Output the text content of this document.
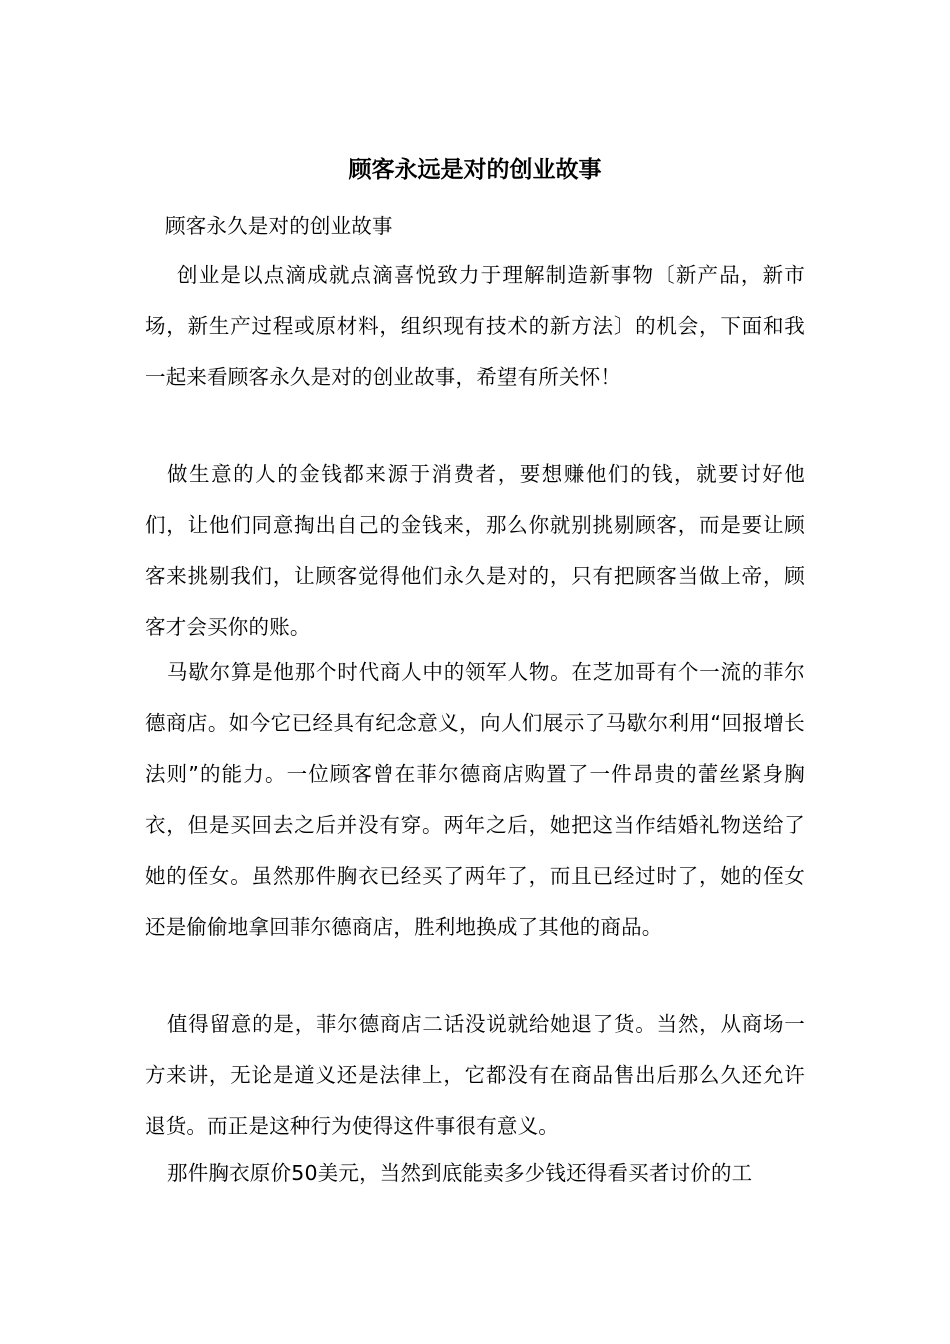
顾客永远是对的创业故事

顾客永久是对的创业故事

创业是以点滴成就点滴喜悦致力于理解制造新事物〔新产品，新市场，新生产过程或原材料，组织现有技术的新方法〕的机会，下面和我一起来看顾客永久是对的创业故事，希望有所关怀！

做生意的人的金钱都来源于消费者，要想赚他们的钱，就要讨好他们，让他们同意掏出自己的金钱来，那么你就别挑剔顾客，而是要让顾客来挑剔我们，让顾客觉得他们永久是对的，只有把顾客当做上帝，顾客才会买你的账。

马歇尔算是他那个时代商人中的领军人物。在芝加哥有个一流的菲尔德商店。如今它已经具有纪念意义，向人们展示了马歇尔利用“回报增长法则”的能力。一位顾客曾在菲尔德商店购置了一件昂贵的蕾丝紧身胸衣，但是买回去之后并没有穿。两年之后，她把这当作结婚礼物送给了她的侄女。虽然那件胸衣已经买了两年了，而且已经过时了，她的侄女还是偷偷地拿回菲尔德商店，胜利地换成了其他的商品。

值得留意的是，菲尔德商店二话没说就给她退了货。当然，从商场一方来讲，无论是道义还是法律上，它都没有在商品售出后那么久还允许退货。而正是这种行为使得这件事很有意义。

那件胸衣原价50美元，当然到底能卖多少钱还得看买者讨价的工
